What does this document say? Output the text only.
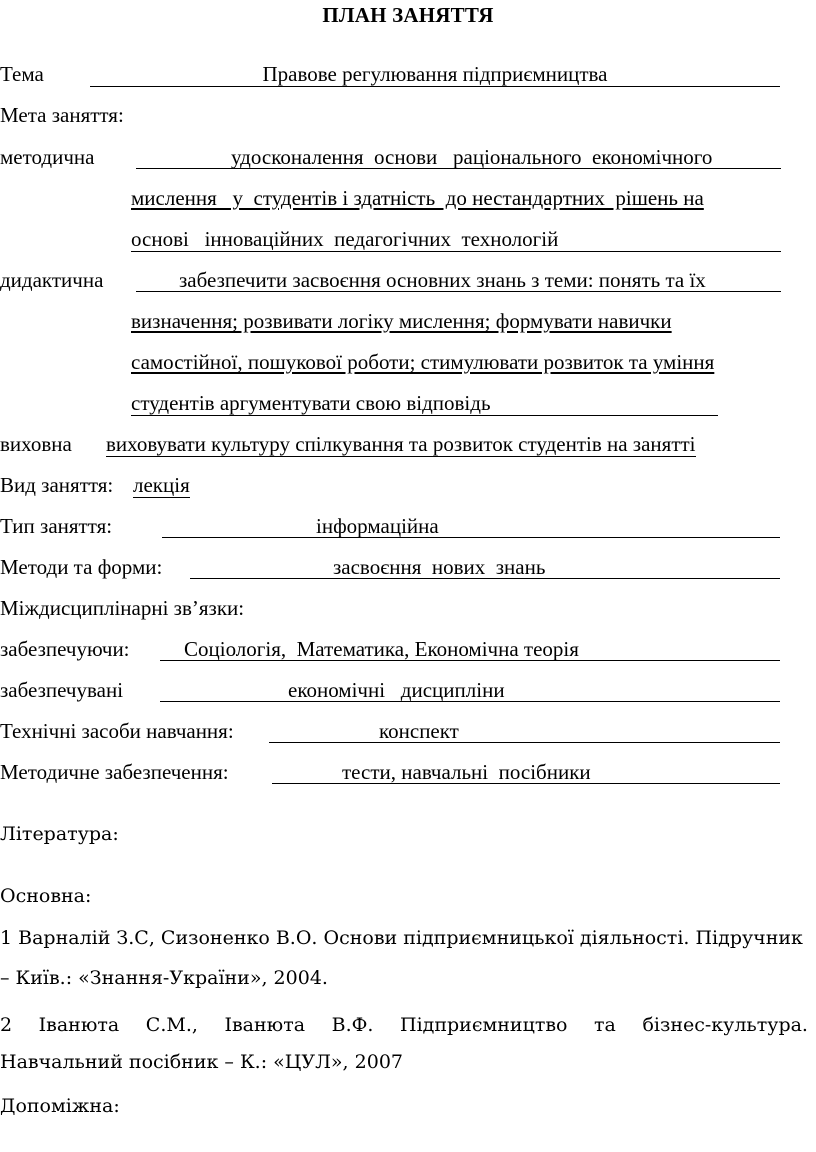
ПЛАН ЗАНЯТТЯ
Тема	Правове регулювання підприємництва
Мета заняття:
методична	удосконалення  основи   раціонального  економічного
мислення   у  студентів і здатність  до нестандартних  рішень на
основі   інноваційних  педагогічних  технологій
дидактична	забезпечити засвоєння основних знань з теми: понять та їх
визначення; розвивати логіку мислення; формувати навички
самостійної, пошукової роботи; стимулювати розвиток та уміння
студентів аргументувати свою відповідь
виховна виховувати культуру спілкування та розвиток студентів на занятті
Вид заняття: лекція
Тип заняття:	інформаційна
Методи та форми:	засвоєння  нових  знань
Міждисциплінарні зв’язки:
забезпечуючи:	Соціологія,  Математика, Економічна теорія
забезпечувані	економічні   дисципліни
Технічні засоби навчання:	конспект
Методичне забезпечення:	тести, навчальні  посібники
Література:
Основна:
1 Варналій З.С, Сизоненко В.О. Основи підприємницької діяльності. Підручник
– Київ.: «Знання-України», 2004.
2 Іванюта С.М., Іванюта В.Ф. Підприємництво та бізнес-культура.
Навчальний посібник – К.: «ЦУЛ», 2007
Допоміжна:
